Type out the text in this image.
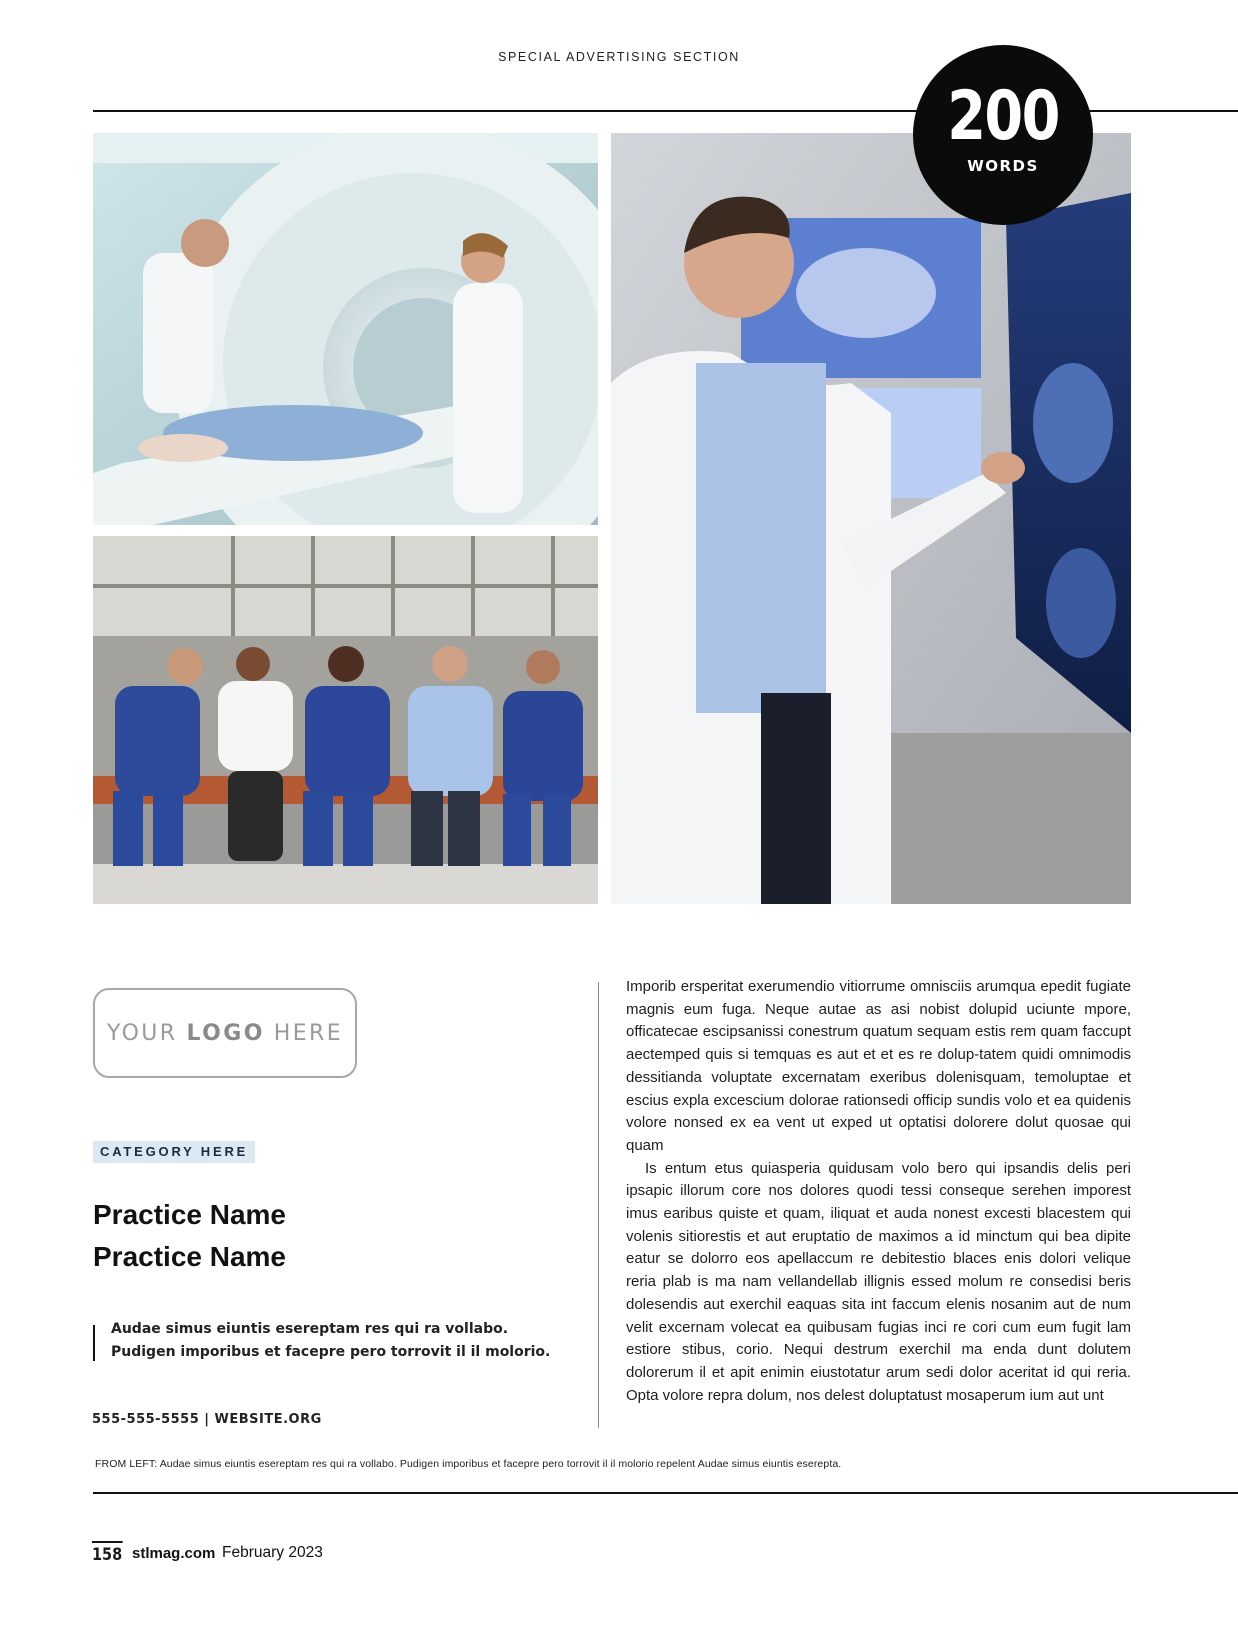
SPECIAL ADVERTISING SECTION
200
WORDS
YOUR LOGO HERE
CATEGORY HERE
Practice Name
Practice Name
Audae simus eiuntis esereptam res qui ra vollabo.
Pudigen imporibus et facepre pero torrovit il il molorio.
555-555-5555 | WEBSITE.ORG

Imporib ersperitat exerumendio vitiorrume omnisciis arumqua epedit fugiate magnis eum fuga. Neque autae as asi nobist dolupid uciunte mpore, officatecae escipsanissi conestrum quatum sequam estis rem quam faccupt aectemped quis si temquas es aut et et es re dolup-tatem quidi omnimodis dessitianda voluptate excernatam exeribus dolenisquam, temoluptae et escius expla excescium dolorae rationsedi officip sundis volo et ea quidenis volore nonsed ex ea vent ut exped ut optatisi dolorere dolut quosae qui quam

Is entum etus quiasperia quidusam volo bero qui ipsandis delis peri ipsapic illorum core nos dolores quodi tessi conseque serehen imporest imus earibus quiste et quam, iliquat et auda nonest excesti blacestem qui volenis sitiorestis et aut eruptatio de maximos a id minctum qui bea dipite eatur se dolorro eos apellaccum re debitestio blaces enis dolori velique reria plab is ma nam vellandellab illignis essed molum re consedisi beris dolesendis aut exerchil eaquas sita int faccum elenis nosanim aut de num velit excernam volecat ea quibusam fugias inci re cori cum eum fugit lam estiore stibus, corio. Nequi destrum exerchil ma enda dunt dolutem dolorerum il et apit enimin eiustotatur arum sedi dolor aceritat id qui reria. Opta volore repra dolum, nos delest doluptatust mosaperum ium aut unt

FROM LEFT: Audae simus eiuntis esereptam res qui ra vollabo. Pudigen imporibus et facepre pero torrovit il il molorio repelent Audae simus eiuntis eserepta.
158 stlmag.com February 2023
